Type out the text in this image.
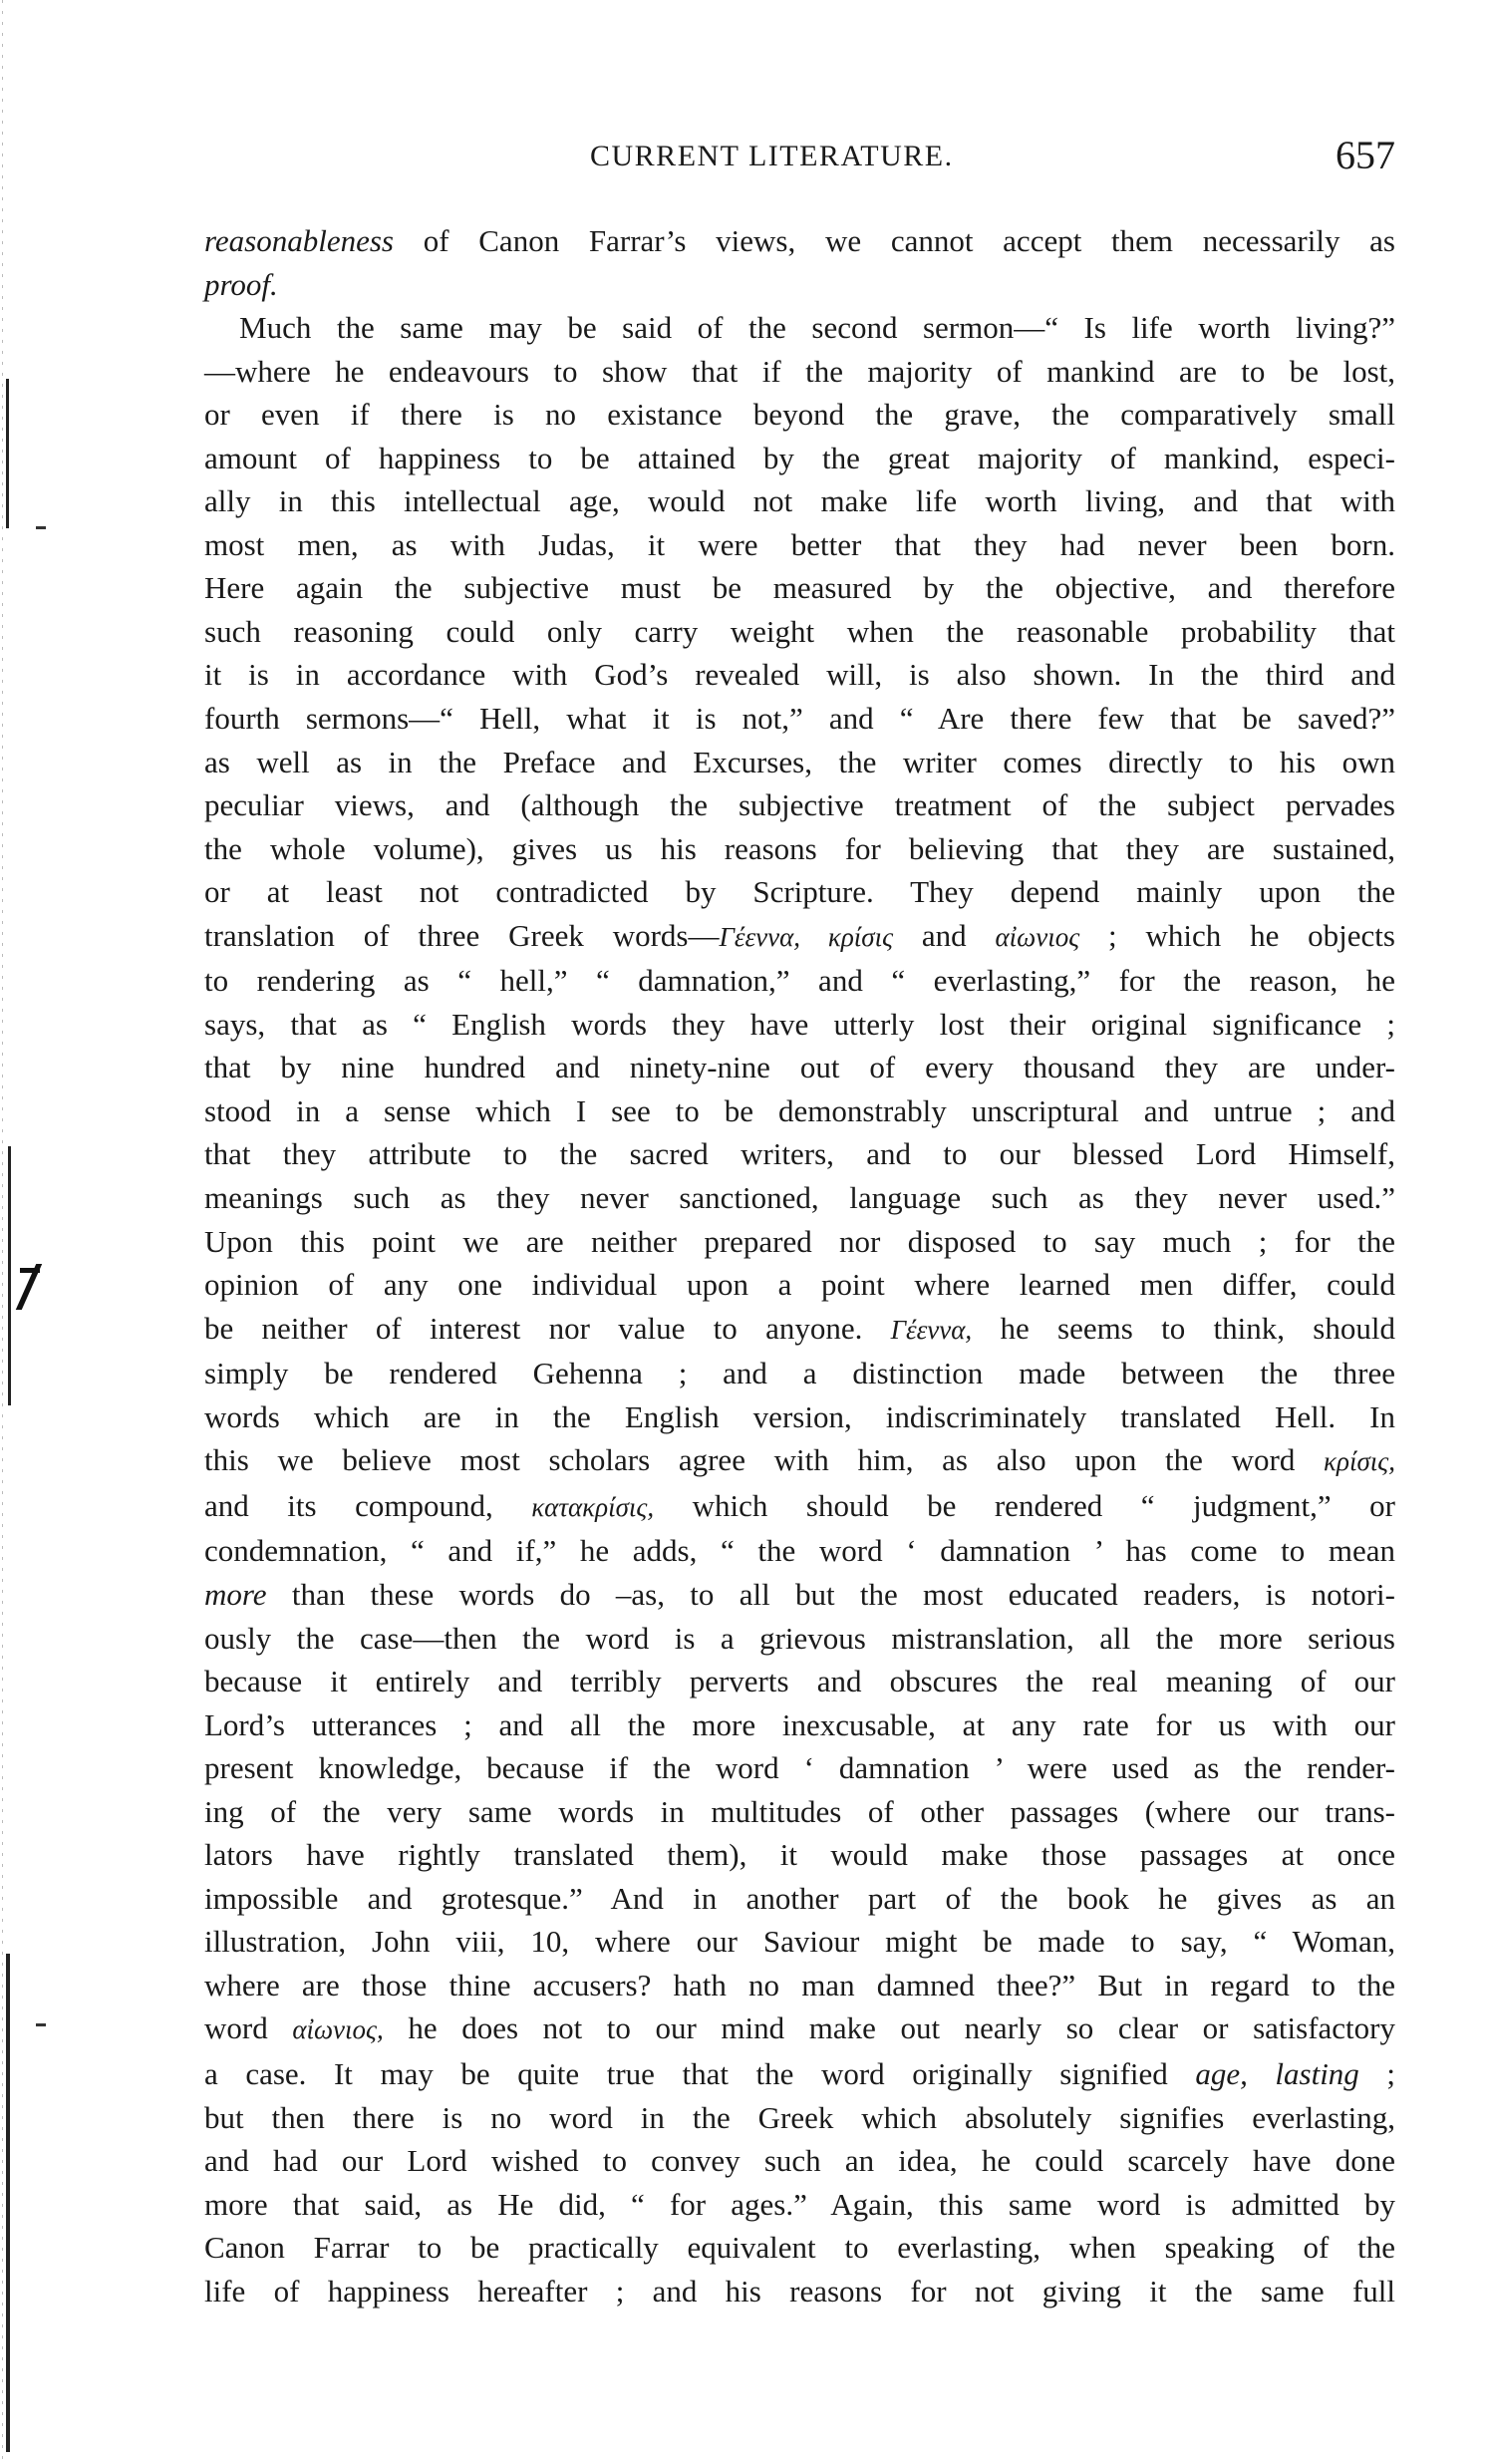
CURRENT LITERATURE.	657
reasonableness of Canon Farrar’s views, we cannot accept them necessarily as
proof.
Much the same may be said of the second sermon—“ Is life worth living?”
—where he endeavours to show that if the majority of mankind are to be lost,
or even if there is no existance beyond the grave, the comparatively small
amount of happiness to be attained by the great majority of mankind, especi-
ally in this intellectual age, would not make life worth living, and that with
most men, as with Judas, it were better that they had never been born.
Here again the subjective must be measured by the objective, and therefore
such reasoning could only carry weight when the reasonable probability that
it is in accordance with God’s revealed will, is also shown. In the third and
fourth sermons—“ Hell, what it is not,” and “ Are there few that be saved?”
as well as in the Preface and Excurses, the writer comes directly to his own
peculiar views, and (although the subjective treatment of the subject pervades
the whole volume), gives us his reasons for believing that they are sustained,
or at least not contradicted by Scripture. They depend mainly upon the
translation of three Greek words—Γέεννα, κρίσις and αἰωνιος ; which he objects
to rendering as “ hell,” “ damnation,” and “ everlasting,” for the reason, he
says, that as “ English words they have utterly lost their original significance ;
that by nine hundred and ninety-nine out of every thousand they are under-
stood in a sense which I see to be demonstrably unscriptural and untrue ; and
that they attribute to the sacred writers, and to our blessed Lord Himself,
meanings such as they never sanctioned, language such as they never used.”
Upon this point we are neither prepared nor disposed to say much ; for the
opinion of any one individual upon a point where learned men differ, could
be neither of interest nor value to anyone. Γέεννα, he seems to think, should
simply be rendered Gehenna ; and a distinction made between the three
words which are in the English version, indiscriminately translated Hell. In
this we believe most scholars agree with him, as also upon the word κρίσις,
and its compound, κατακρίσις, which should be rendered “ judgment,” or
condemnation, “ and if,” he adds, “ the word ‘ damnation ’ has come to mean
more than these words do –as, to all but the most educated readers, is notori-
ously the case—then the word is a grievous mistranslation, all the more serious
because it entirely and terribly perverts and obscures the real meaning of our
Lord’s utterances ; and all the more inexcusable, at any rate for us with our
present knowledge, because if the word ‘ damnation ’ were used as the render-
ing of the very same words in multitudes of other passages (where our trans-
lators have rightly translated them), it would make those passages at once
impossible and grotesque.” And in another part of the book he gives as an
illustration, John viii, 10, where our Saviour might be made to say, “ Woman,
where are those thine accusers? hath no man damned thee?” But in regard to the
word αἰωνιος, he does not to our mind make out nearly so clear or satisfactory
a case. It may be quite true that the word originally signified age, lasting ;
but then there is no word in the Greek which absolutely signifies everlasting,
and had our Lord wished to convey such an idea, he could scarcely have done
more that said, as He did, “ for ages.” Again, this same word is admitted by
Canon Farrar to be practically equivalent to everlasting, when speaking of the
life of happiness hereafter ; and his reasons for not giving it the same full
